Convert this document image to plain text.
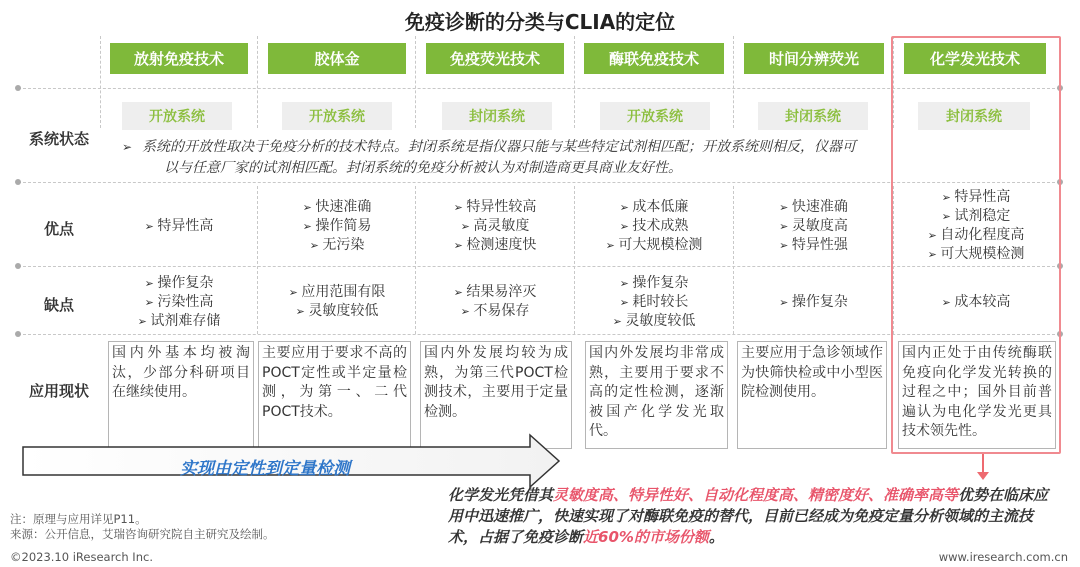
免疫诊断的分类与CLIA的定位
放射免疫技术	胶体金	免疫荧光技术	酶联免疫技术	时间分辨荧光	化学发光技术
系统状态
优点
缺点
应用现状
开放系统	开放系统	封闭系统	开放系统	封闭系统	封闭系统
➢ 系统的开放性取决于免疫分析的技术特点。封闭系统是指仪器只能与某些特定试剂相匹配；开放系统则相反，仪器可
以与任意厂家的试剂相匹配。封闭系统的免疫分析被认为对制造商更具商业友好性。
➢ 特异性高
➢ 快速准确
➢ 操作简易
➢ 无污染
➢ 特异性较高
➢ 高灵敏度
➢ 检测速度快
➢ 成本低廉
➢ 技术成熟
➢ 可大规模检测
➢ 快速准确
➢ 灵敏度高
➢ 特异性强
➢ 特异性高
➢ 试剂稳定
➢ 自动化程度高
➢ 可大规模检测
➢ 操作复杂
➢ 污染性高
➢ 试剂难存储
➢ 应用范围有限
➢ 灵敏度较低
➢ 结果易淬灭
➢ 不易保存
➢ 操作复杂
➢ 耗时较长
➢ 灵敏度较低
➢ 操作复杂
➢	成本较高
国内外基本均被淘汰，少部分科研项目在继续使用。
主要应用于要求不高的POCT定性或半定量检测，为第一、二代POCT技术。
国内外发展均较为成熟，为第三代POCT检测技术，主要用于定量检测。
国内外发展均非常成熟，主要用于要求不高的定性检测，逐渐被国产化学发光取代。
主要应用于急诊领域作为快筛快检或中小型医院检测使用。
国内正处于由传统酶联免疫向化学发光转换的过程之中；国外目前普遍认为电化学发光更具技术领先性。
实现由定性到定量检测
化学发光凭借其灵敏度高、特异性好、自动化程度高、精密度好、准确率高等优势在临床应用中迅速推广，快速实现了对酶联免疫的替代，目前已经成为免疫定量分析领域的主流技术，占据了免疫诊断近60%的市场份额。
注：原理与应用详见P11。
来源：公开信息，艾瑞咨询研究院自主研究及绘制。
©2023.10 iResearch Inc.	www.iresearch.com.cn
